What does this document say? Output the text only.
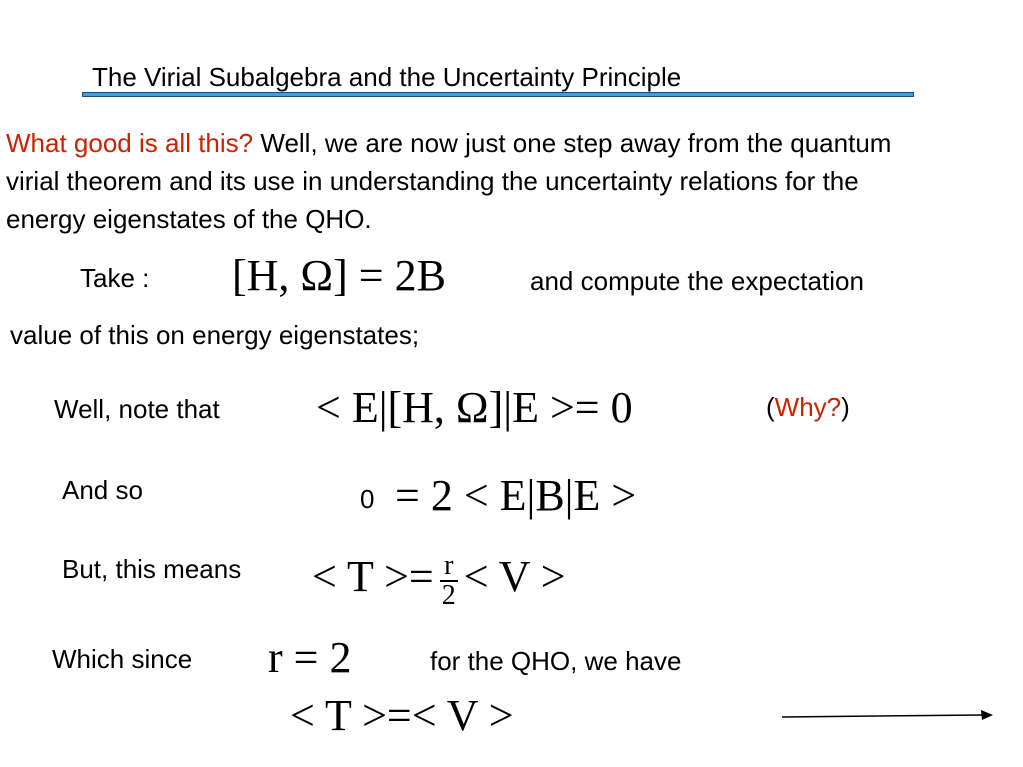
The Virial Subalgebra and the Uncertainty Principle
What good is all this? Well, we are now just one step away from the quantum virial theorem and its use in understanding the uncertainty relations for the energy eigenstates of the QHO.
Take : [H, Ω] = 2B	and compute the expectation
value of this on energy eigenstates;
Well, note that < E|[H, Ω]|E >= 0	(Why?)
And so	0 = 2 < E|B|E >
But, this means < $T >= \frac{r}{2} < V$ >
Which since r = 2	for the QHO, we have
< T >=< V >
